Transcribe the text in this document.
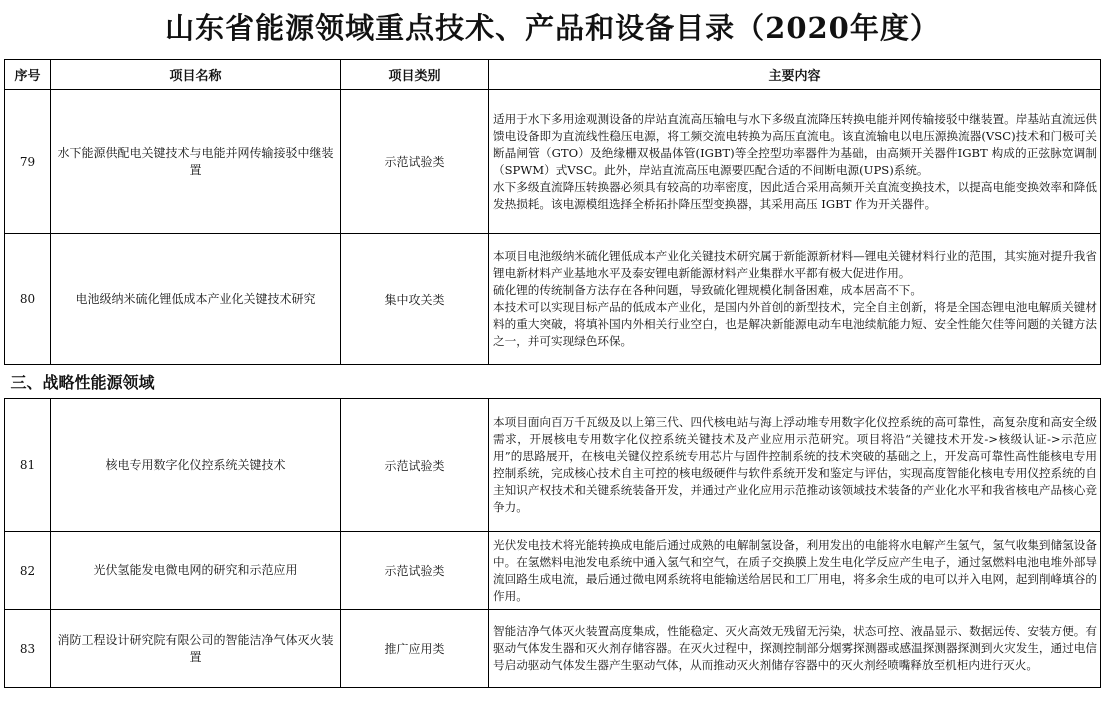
山东省能源领域重点技术、产品和设备目录（2020年度）
序号	项目名称	项目类别	主要内容
79	水下能源供配电关键技术与电能并网传输接驳中继装置	示范试验类	适用于水下多用途观测设备的岸站直流高压输电与水下多级直流降压转换电能并网传输接驳中继装置。岸基站直流远供馈电设备即为直流线性稳压电源，将工频交流电转换为高压直流电。该直流输电以电压源换流器(VSC)技术和门极可关断晶闸管（GTO）及绝缘栅双极晶体管(IGBT)等全控型功率器件为基础，由高频开关器件IGBT 构成的正弦脉宽调制（SPWM）式VSC。此外，岸站直流高压电源要匹配合适的不间断电源(UPS)系统。

水下多级直流降压转换器必须具有较高的功率密度，因此适合采用高频开关直流变换技术，以提高电能变换效率和降低发热损耗。该电源模组选择全桥拓扑降压型变换器，其采用高压 IGBT 作为开关器件。

80	电池级纳米硫化锂低成本产业化关键技术研究	集中攻关类	本项目电池级纳米硫化锂低成本产业化关键技术研究属于新能源新材料—锂电关键材料行业的范围，其实施对提升我省锂电新材料产业基地水平及泰安锂电新能源材料产业集群水平都有极大促进作用。

硫化锂的传统制备方法存在各种问题，导致硫化锂规模化制备困难，成本居高不下。

本技术可以实现目标产品的低成本产业化，是国内外首创的新型技术，完全自主创新，将是全国态锂电池电解质关键材料的重大突破，将填补国内外相关行业空白，也是解决新能源电动车电池续航能力短、安全性能欠佳等问题的关键方法之一，并可实现绿色环保。

三、战略性能源领域			
81	核电专用数字化仪控系统关键技术	示范试验类	本项目面向百万千瓦级及以上第三代、四代核电站与海上浮动堆专用数字化仪控系统的高可靠性，高复杂度和高安全级需求，开展核电专用数字化仪控系统关键技术及产业应用示范研究。项目将沿“关键技术开发->核级认证->示范应用”的思路展开，在核电关键仪控系统专用芯片与固件控制系统的技术突破的基础之上，开发高可靠性高性能核电专用控制系统，完成核心技术自主可控的核电级硬件与软件系统开发和鉴定与评估，实现高度智能化核电专用仪控系统的自主知识产权技术和关键系统装备开发，并通过产业化应用示范推动该领域技术装备的产业化水平和我省核电产品核心竞争力。

82	光伏氢能发电微电网的研究和示范应用	示范试验类	光伏发电技术将光能转换成电能后通过成熟的电解制氢设备，利用发出的电能将水电解产生氢气，氢气收集到储氢设备中。在氢燃料电池发电系统中通入氢气和空气，在质子交换膜上发生电化学反应产生电子，通过氢燃料电池电堆外部导流回路生成电流，最后通过微电网系统将电能输送给居民和工厂用电，将多余生成的电可以并入电网，起到削峰填谷的作用。

83	消防工程设计研究院有限公司的智能洁净气体灭火装置	推广应用类	智能洁净气体灭火装置高度集成，性能稳定、灭火高效无残留无污染，状态可控、液晶显示、数据远传、安装方便。有驱动气体发生器和灭火剂存储容器。在灭火过程中，探测控制部分烟雾探测器或感温探测器探测到火灾发生，通过电信号启动驱动气体发生器产生驱动气体，从而推动灭火剂储存容器中的灭火剂经喷嘴释放至机柜内进行灭火。
